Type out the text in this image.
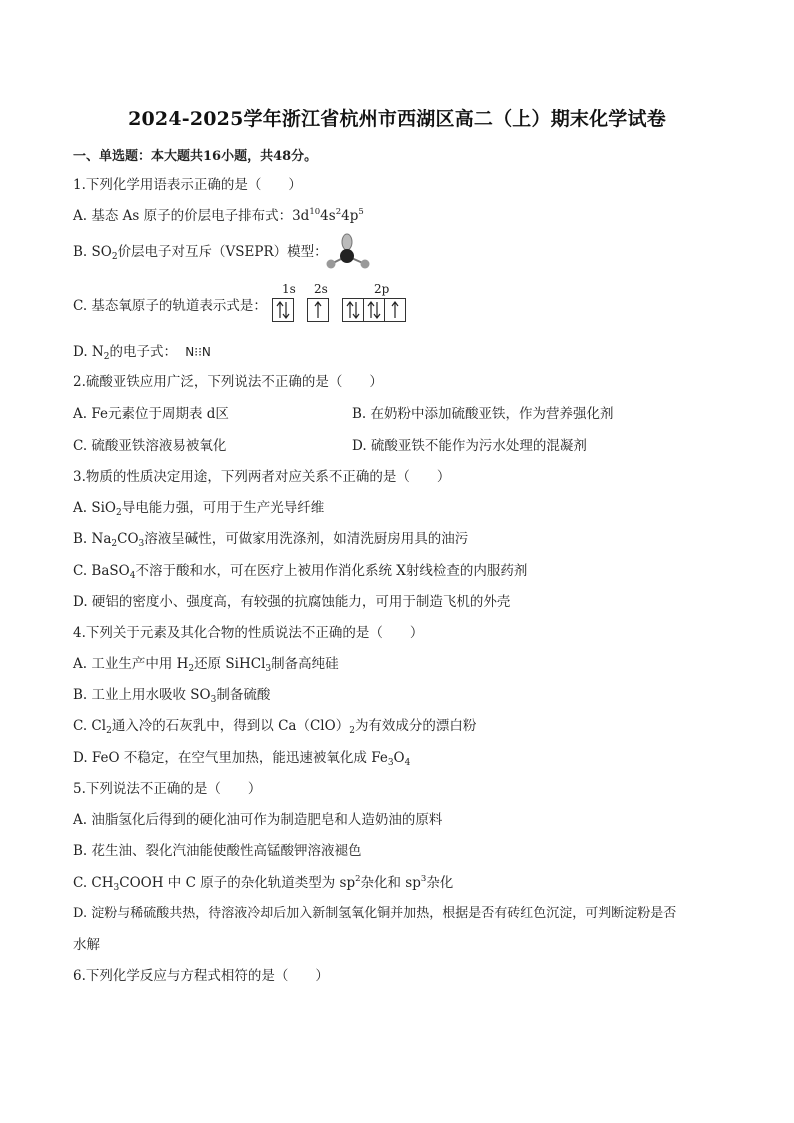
2024-2025学年浙江省杭州市西湖区高二（上）期末化学试卷
一、单选题：本大题共16小题，共48分。
1.下列化学用语表示正确的是（　　）
A. 基态 As 原子的价层电子排布式：$3d^{10}4s^24p^5$
B. $SO_2$价层电子对互斥（VSEPR）模型：
C. 基态氧原子的轨道表示式是：
1s 2s	2p
D. $N_2$的电子式： N⁝⁝N
2.硫酸亚铁应用广泛，下列说法不正确的是（　　）
A. Fe元素位于周期表 d区	B. 在奶粉中添加硫酸亚铁，作为营养强化剂
C. 硫酸亚铁溶液易被氧化	D. 硫酸亚铁不能作为污水处理的混凝剂
3.物质的性质决定用途，下列两者对应关系不正确的是（　　）
A. SiO$_2$导电能力强，可用于生产光导纤维
B. $Na_2CO_3$溶液呈碱性，可做家用洗涤剂，如清洗厨房用具的油污
C. BaSO$_4$不溶于酸和水，可在医疗上被用作消化系统 X射线检查的内服药剂
D. 硬铝的密度小、强度高，有较强的抗腐蚀能力，可用于制造飞机的外壳
4.下列关于元素及其化合物的性质说法不正确的是（　　）
A. 工业生产中用 $H_2$还原 SiHCl$_3$制备高纯硅
B. 工业上用水吸收 $SO_3$制备硫酸
C. $Cl_2$通入冷的石灰乳中，得到以 $Ca(ClO)_2$为有效成分的漂白粉
D. FeO 不稳定，在空气里加热，能迅速被氧化成 $Fe_3O_4$
5.下列说法不正确的是（　　）
A. 油脂氢化后得到的硬化油可作为制造肥皂和人造奶油的原料
B. 花生油、裂化汽油能使酸性高锰酸钾溶液褪色
C. $CH_3COOH$ 中 C 原子的杂化轨道类型为 $sp^2$杂化和 $sp^3$杂化
D. 淀粉与稀硫酸共热，待溶液冷却后加入新制氢氧化铜并加热，根据是否有砖红色沉淀，可判断淀粉是否
水解
6.下列化学反应与方程式相符的是（　　）
